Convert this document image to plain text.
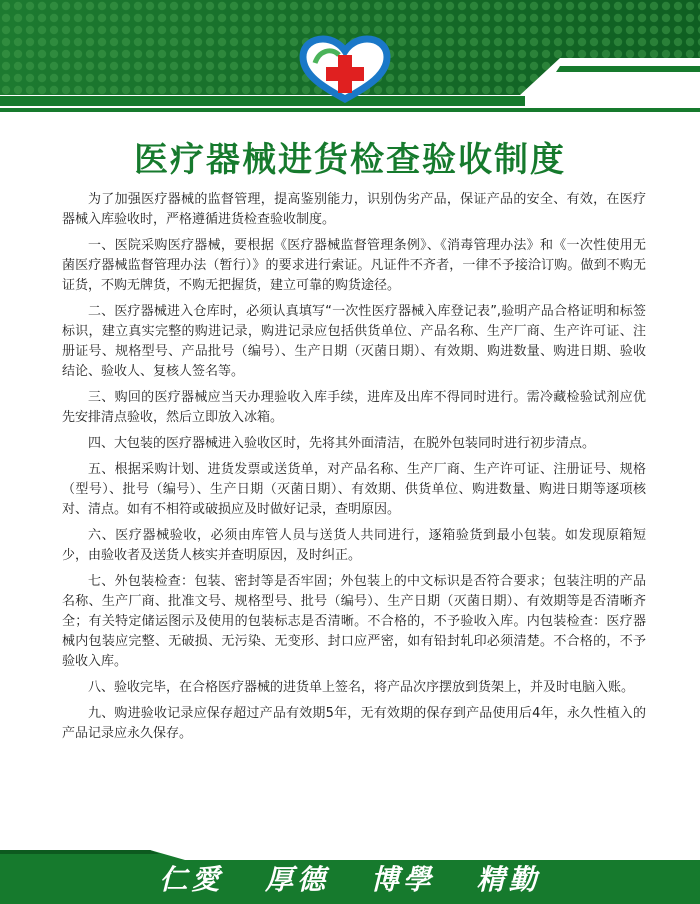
医疗器械进货检查验收制度

为了加强医疗器械的监督管理，提高鉴别能力，识别伪劣产品，保证产品的安全、有效，在医疗器械入库验收时，严格遵循进货检查验收制度。

一、医院采购医疗器械，要根据《医疗器械监督管理条例》、《消毒管理办法》和《一次性使用无菌医疗器械监督管理办法（暂行）》的要求进行索证。凡证件不齐者，一律不予接洽订购。做到不购无证货，不购无牌货，不购无把握货，建立可靠的购货途径。

二、医疗器械进入仓库时，必须认真填写“一次性医疗器械入库登记表”,验明产品合格证明和标签标识，建立真实完整的购进记录，购进记录应包括供货单位、产品名称、生产厂商、生产许可证、注册证号、规格型号、产品批号（编号）、生产日期（灭菌日期）、有效期、购进数量、购进日期、验收结论、验收人、复核人签名等。

三、购回的医疗器械应当天办理验收入库手续，进库及出库不得同时进行。需冷藏检验试剂应优先安排清点验收，然后立即放入冰箱。

四、大包装的医疗器械进入验收区时，先将其外面清洁，在脱外包装同时进行初步清点。

五、根据采购计划、进货发票或送货单，对产品名称、生产厂商、生产许可证、注册证号、规格（型号）、批号（编号）、生产日期（灭菌日期）、有效期、供货单位、购进数量、购进日期等逐项核对、清点。如有不相符或破损应及时做好记录，查明原因。

六、医疗器械验收，必须由库管人员与送货人共同进行，逐箱验货到最小包装。如发现原箱短少，由验收者及送货人核实并查明原因，及时纠正。

七、外包装检查：包装、密封等是否牢固；外包装上的中文标识是否符合要求；包装注明的产品名称、生产厂商、批准文号、规格型号、批号（编号）、生产日期（灭菌日期）、有效期等是否清晰齐全；有关特定储运图示及使用的包装标志是否清晰。不合格的，不予验收入库。内包装检查：医疗器械内包装应完整、无破损、无污染、无变形、封口应严密，如有铅封轧印必须清楚。不合格的，不予验收入库。

八、验收完毕，在合格医疗器械的进货单上签名，将产品次序摆放到货架上，并及时电脑入账。

九、购进验收记录应保存超过产品有效期5年，无有效期的保存到产品使用后4年，永久性植入的产品记录应永久保存。

仁愛 厚德 博學 精勤
